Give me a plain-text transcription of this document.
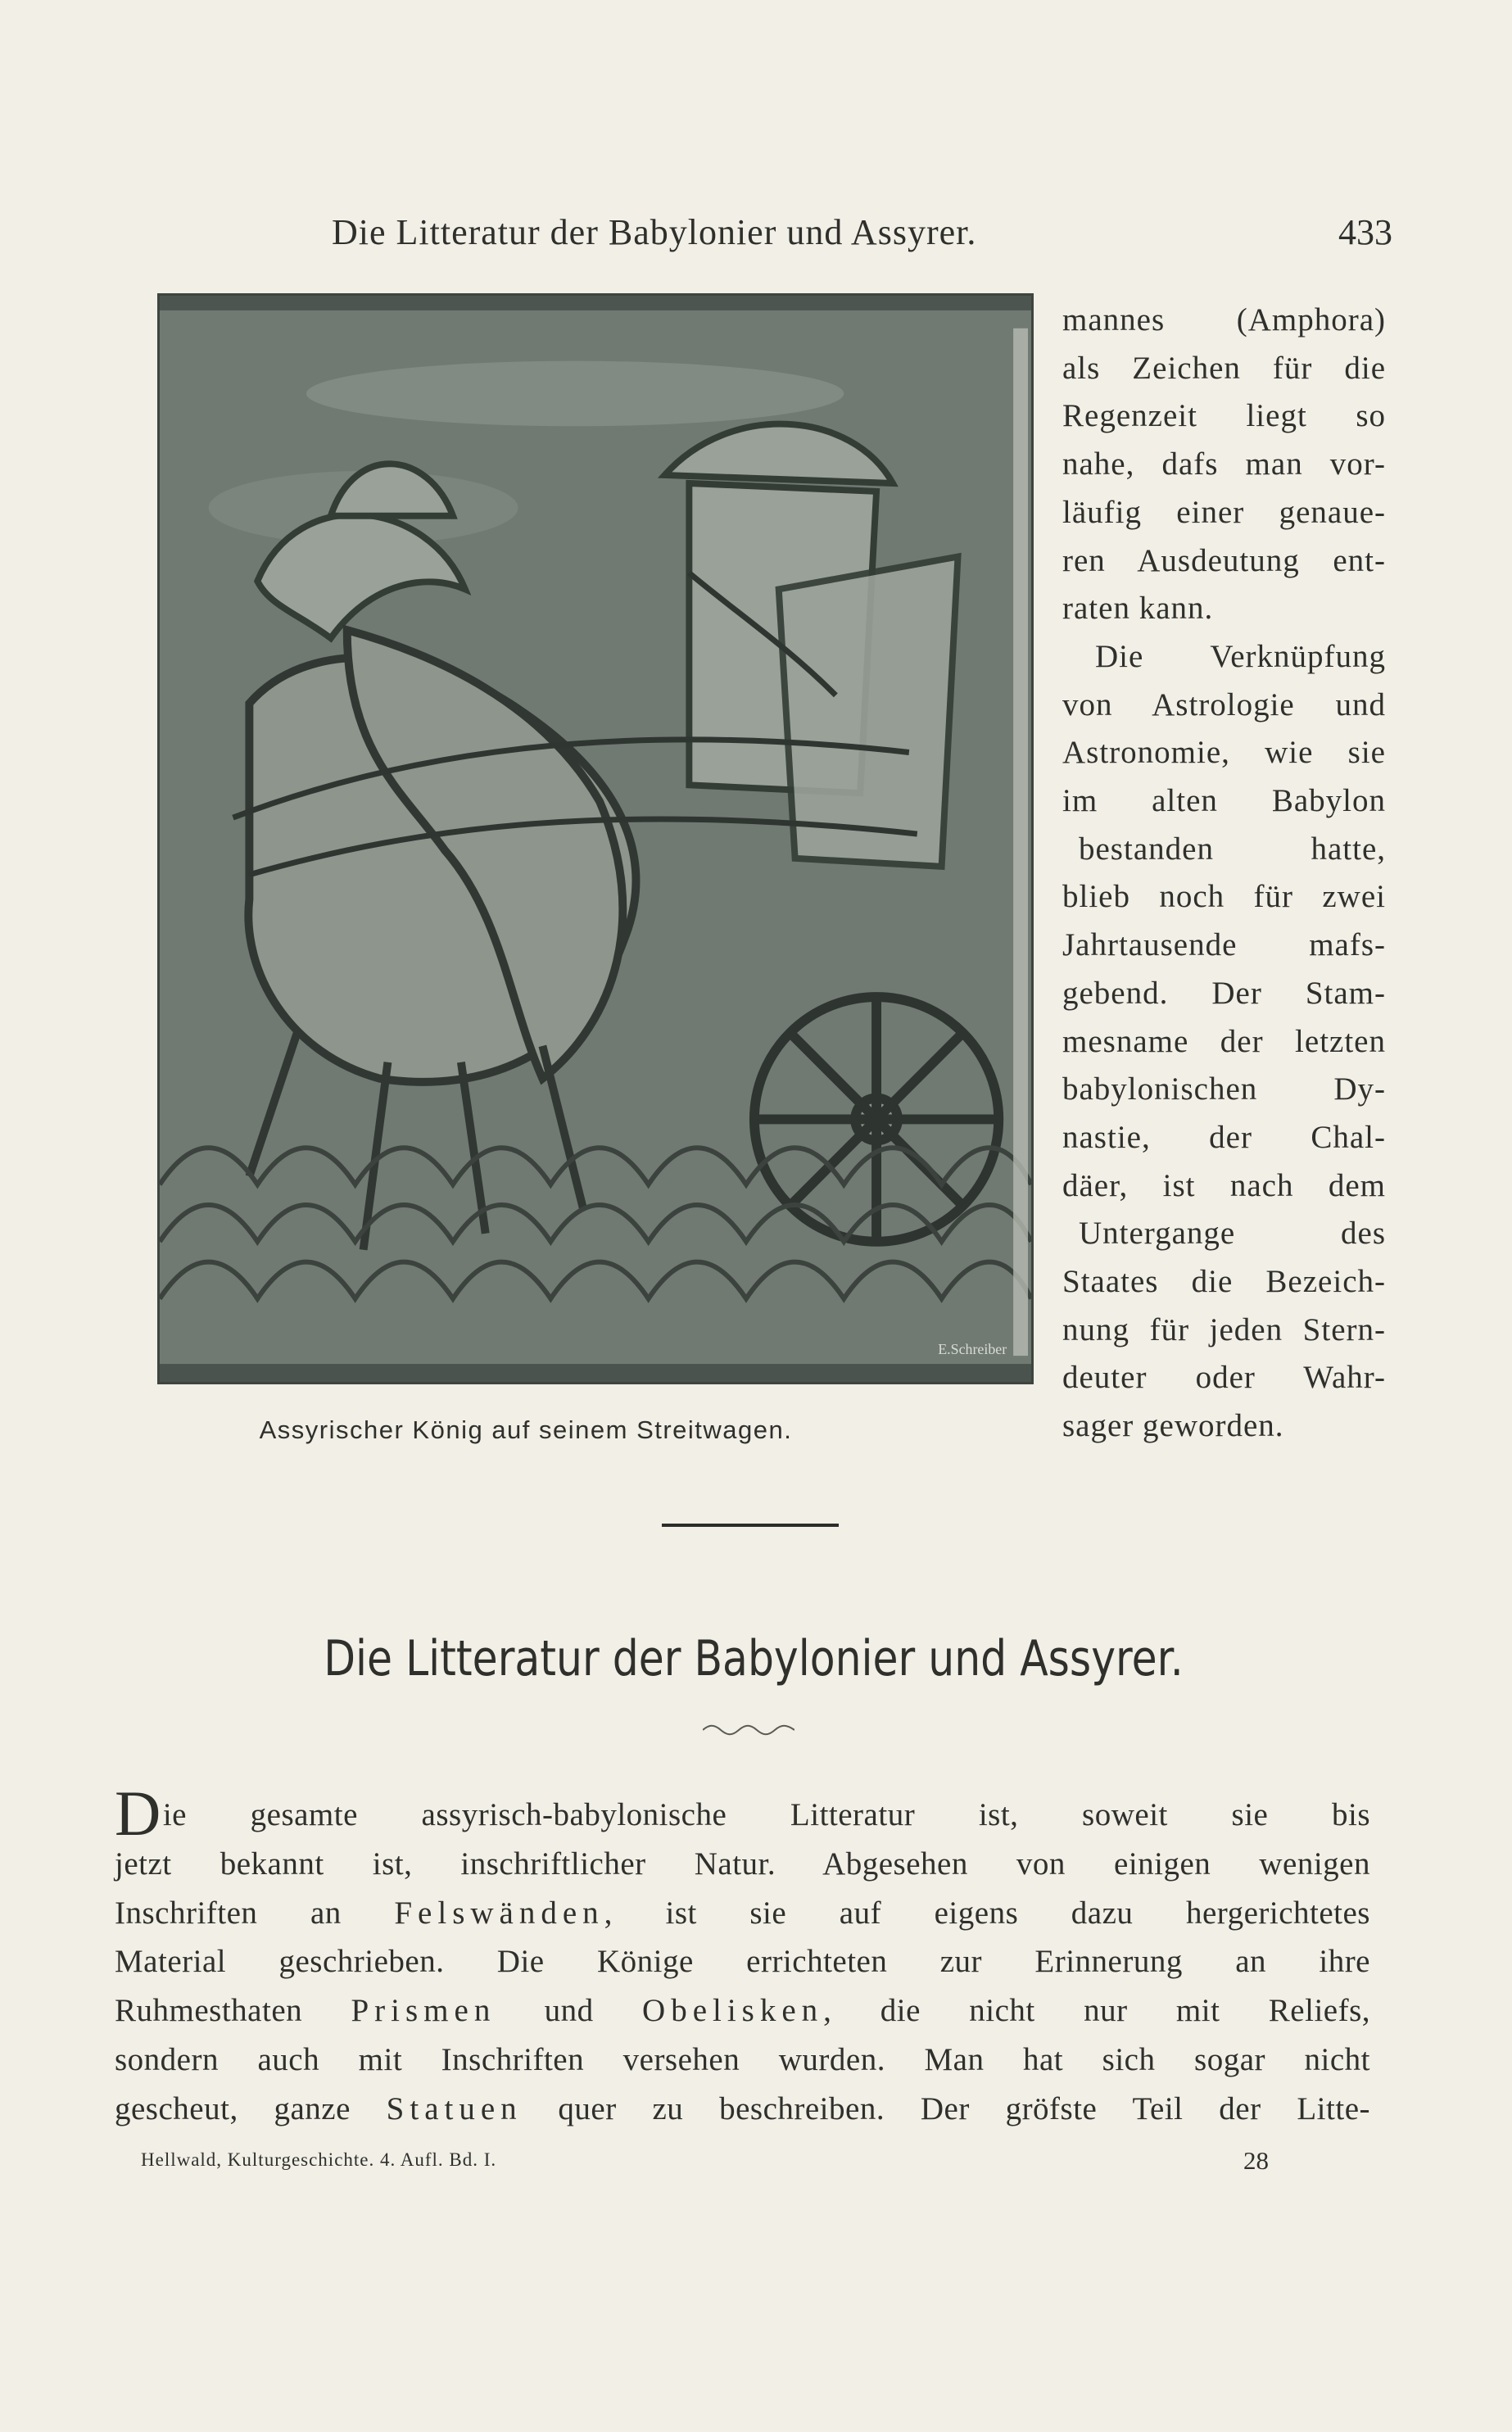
Die Litteratur der Babylonier und Assyrer.	433
E.Schreiber
Assyrischer König auf seinem Streitwagen.
mannes (Amphora)
als Zeichen für die
Regenzeit liegt so
nahe, dafs man vor-
läufig einer genaue-
ren Ausdeutung ent-
raten kann.
Die Verknüpfung
von Astrologie und
Astronomie, wie sie
im alten Babylon
bestanden hatte,
blieb noch für zwei
Jahrtausende mafs-
gebend. Der Stam-
mesname der letzten
babylonischen Dy-
nastie, der Chal-
däer, ist nach dem
Untergange des
Staates die Bezeich-
nung für jeden Stern-
deuter oder Wahr-
sager geworden.
Die Litteratur der Babylonier und Assyrer.
Die gesamte assyrisch-babylonische Litteratur ist, soweit sie bis
jetzt bekannt ist, inschriftlicher Natur. Abgesehen von einigen wenigen
Inschriften an Felswänden, ist sie auf eigens dazu hergerichtetes
Material geschrieben. Die Könige errichteten zur Erinnerung an ihre
Ruhmesthaten Prismen und Obelisken, die nicht nur mit Reliefs,
sondern auch mit Inschriften versehen wurden. Man hat sich sogar nicht
gescheut, ganze Statuen quer zu beschreiben. Der gröfste Teil der Litte-
Hellwald, Kulturgeschichte. 4. Aufl. Bd. I.	28
